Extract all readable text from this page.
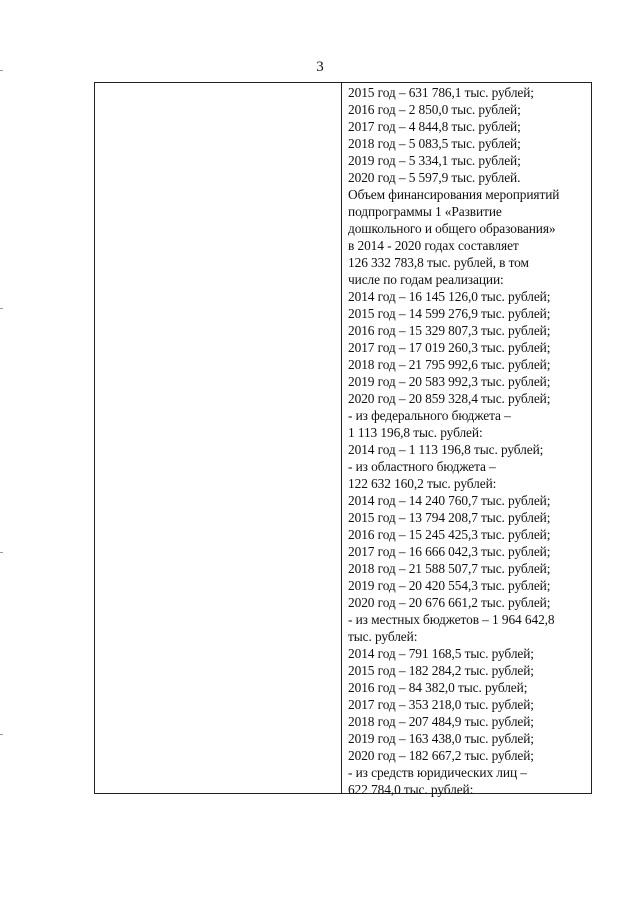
3
2015 год – 631 786,1 тыс. рублей;
2016 год – 2 850,0 тыс. рублей;
2017 год – 4 844,8 тыс. рублей;
2018 год – 5 083,5 тыс. рублей;
2019 год – 5 334,1 тыс. рублей;
2020 год – 5 597,9 тыс. рублей.
Объем финансирования мероприятий
подпрограммы 1 «Развитие
дошкольного и общего образования»
в 2014 - 2020 годах составляет
126 332 783,8 тыс. рублей, в том
числе по годам реализации:
2014 год – 16 145 126,0 тыс. рублей;
2015 год – 14 599 276,9 тыс. рублей;
2016 год – 15 329 807,3 тыс. рублей;
2017 год – 17 019 260,3 тыс. рублей;
2018 год – 21 795 992,6 тыс. рублей;
2019 год – 20 583 992,3 тыс. рублей;
2020 год – 20 859 328,4 тыс. рублей;
- из федерального бюджета –
1 113 196,8 тыс. рублей:
2014 год – 1 113 196,8 тыс. рублей;
- из областного бюджета –
122 632 160,2 тыс. рублей:
2014 год – 14 240 760,7 тыс. рублей;
2015 год – 13 794 208,7 тыс. рублей;
2016 год – 15 245 425,3 тыс. рублей;
2017 год – 16 666 042,3 тыс. рублей;
2018 год – 21 588 507,7 тыс. рублей;
2019 год – 20 420 554,3 тыс. рублей;
2020 год – 20 676 661,2 тыс. рублей;
- из местных бюджетов – 1 964 642,8
тыс. рублей:
2014 год – 791 168,5 тыс. рублей;
2015 год – 182 284,2 тыс. рублей;
2016 год – 84 382,0 тыс. рублей;
2017 год – 353 218,0 тыс. рублей;
2018 год – 207 484,9 тыс. рублей;
2019 год – 163 438,0 тыс. рублей;
2020 год – 182 667,2 тыс. рублей;
- из средств юридических лиц –
622 784,0 тыс. рублей:
